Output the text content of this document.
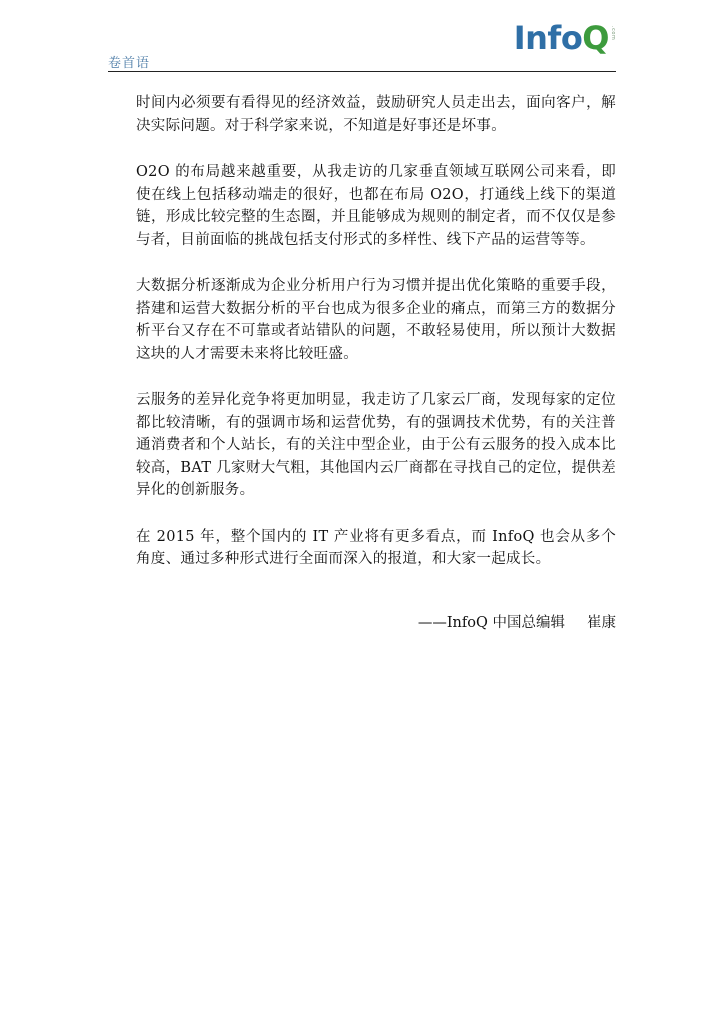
卷首语
InfoQ .com

时间内必须要有看得见的经济效益，鼓励研究人员走出去，面向客户，解决实际问题。对于科学家来说，不知道是好事还是坏事。

O2O 的布局越来越重要，从我走访的几家垂直领域互联网公司来看，即使在线上包括移动端走的很好，也都在布局 O2O，打通线上线下的渠道链，形成比较完整的生态圈，并且能够成为规则的制定者，而不仅仅是参与者，目前面临的挑战包括支付形式的多样性、线下产品的运营等等。

大数据分析逐渐成为企业分析用户行为习惯并提出优化策略的重要手段，搭建和运营大数据分析的平台也成为很多企业的痛点，而第三方的数据分析平台又存在不可靠或者站错队的问题，不敢轻易使用，所以预计大数据这块的人才需要未来将比较旺盛。

云服务的差异化竞争将更加明显，我走访了几家云厂商，发现每家的定位都比较清晰，有的强调市场和运营优势，有的强调技术优势，有的关注普通消费者和个人站长，有的关注中型企业，由于公有云服务的投入成本比较高，BAT 几家财大气粗，其他国内云厂商都在寻找自己的定位，提供差异化的创新服务。

在 2015 年，整个国内的 IT 产业将有更多看点，而 InfoQ 也会从多个角度、通过多种形式进行全面而深入的报道，和大家一起成长。

——InfoQ 中国总编辑 崔康
